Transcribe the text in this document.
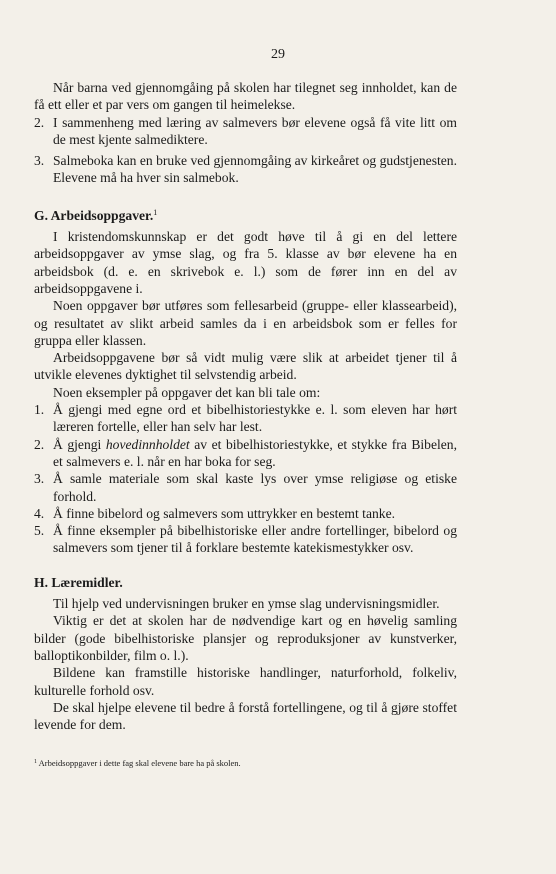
29

Når barna ved gjennomgåing på skolen har tilegnet seg innholdet, kan de få ett eller et par vers om gangen til heimelekse.

2. I sammenheng med læring av salmevers bør elevene også få vite litt om de mest kjente salmediktere.
3. Salmeboka kan en bruke ved gjennomgåing av kirkeåret og gudstjenesten. Elevene må ha hver sin salmebok.
G. Arbeidsoppgaver.$^1$

I kristendomskunnskap er det godt høve til å gi en del lettere arbeidsoppgaver av ymse slag, og fra 5. klasse av bør elevene ha en arbeidsbok (d. e. en skrivebok e. l.) som de fører inn en del av arbeidsoppgavene i.

Noen oppgaver bør utføres som fellesarbeid (gruppe- eller klassearbeid), og resultatet av slikt arbeid samles da i en arbeidsbok som er felles for gruppa eller klassen.

Arbeidsoppgavene bør så vidt mulig være slik at arbeidet tjener til å utvikle elevenes dyktighet til selvstendig arbeid.

Noen eksempler på oppgaver det kan bli tale om:

1. Å gjengi med egne ord et bibelhistoriestykke e. l. som eleven har hørt læreren fortelle, eller han selv har lest.
2. Å gjengi hovedinnholdet av et bibelhistoriestykke, et stykke fra Bibelen, et salmevers e. l. når en har boka for seg.
3. Å samle materiale som skal kaste lys over ymse religiøse og etiske forhold.
4. Å finne bibelord og salmevers som uttrykker en bestemt tanke.
5. Å finne eksempler på bibelhistoriske eller andre fortellinger, bibelord og salmevers som tjener til å forklare bestemte katekismestykker osv.
H. Læremidler.

Til hjelp ved undervisningen bruker en ymse slag undervisningsmidler.

Viktig er det at skolen har de nødvendige kart og en høvelig samling bilder (gode bibelhistoriske plansjer og reproduksjoner av kunstverker, balloptikonbilder, film o. l.).

Bildene kan framstille historiske handlinger, naturforhold, folkeliv, kulturelle forhold osv.

De skal hjelpe elevene til bedre å forstå fortellingene, og til å gjøre stoffet levende for dem.

$^1$ Arbeidsoppgaver i dette fag skal elevene bare ha på skolen.
